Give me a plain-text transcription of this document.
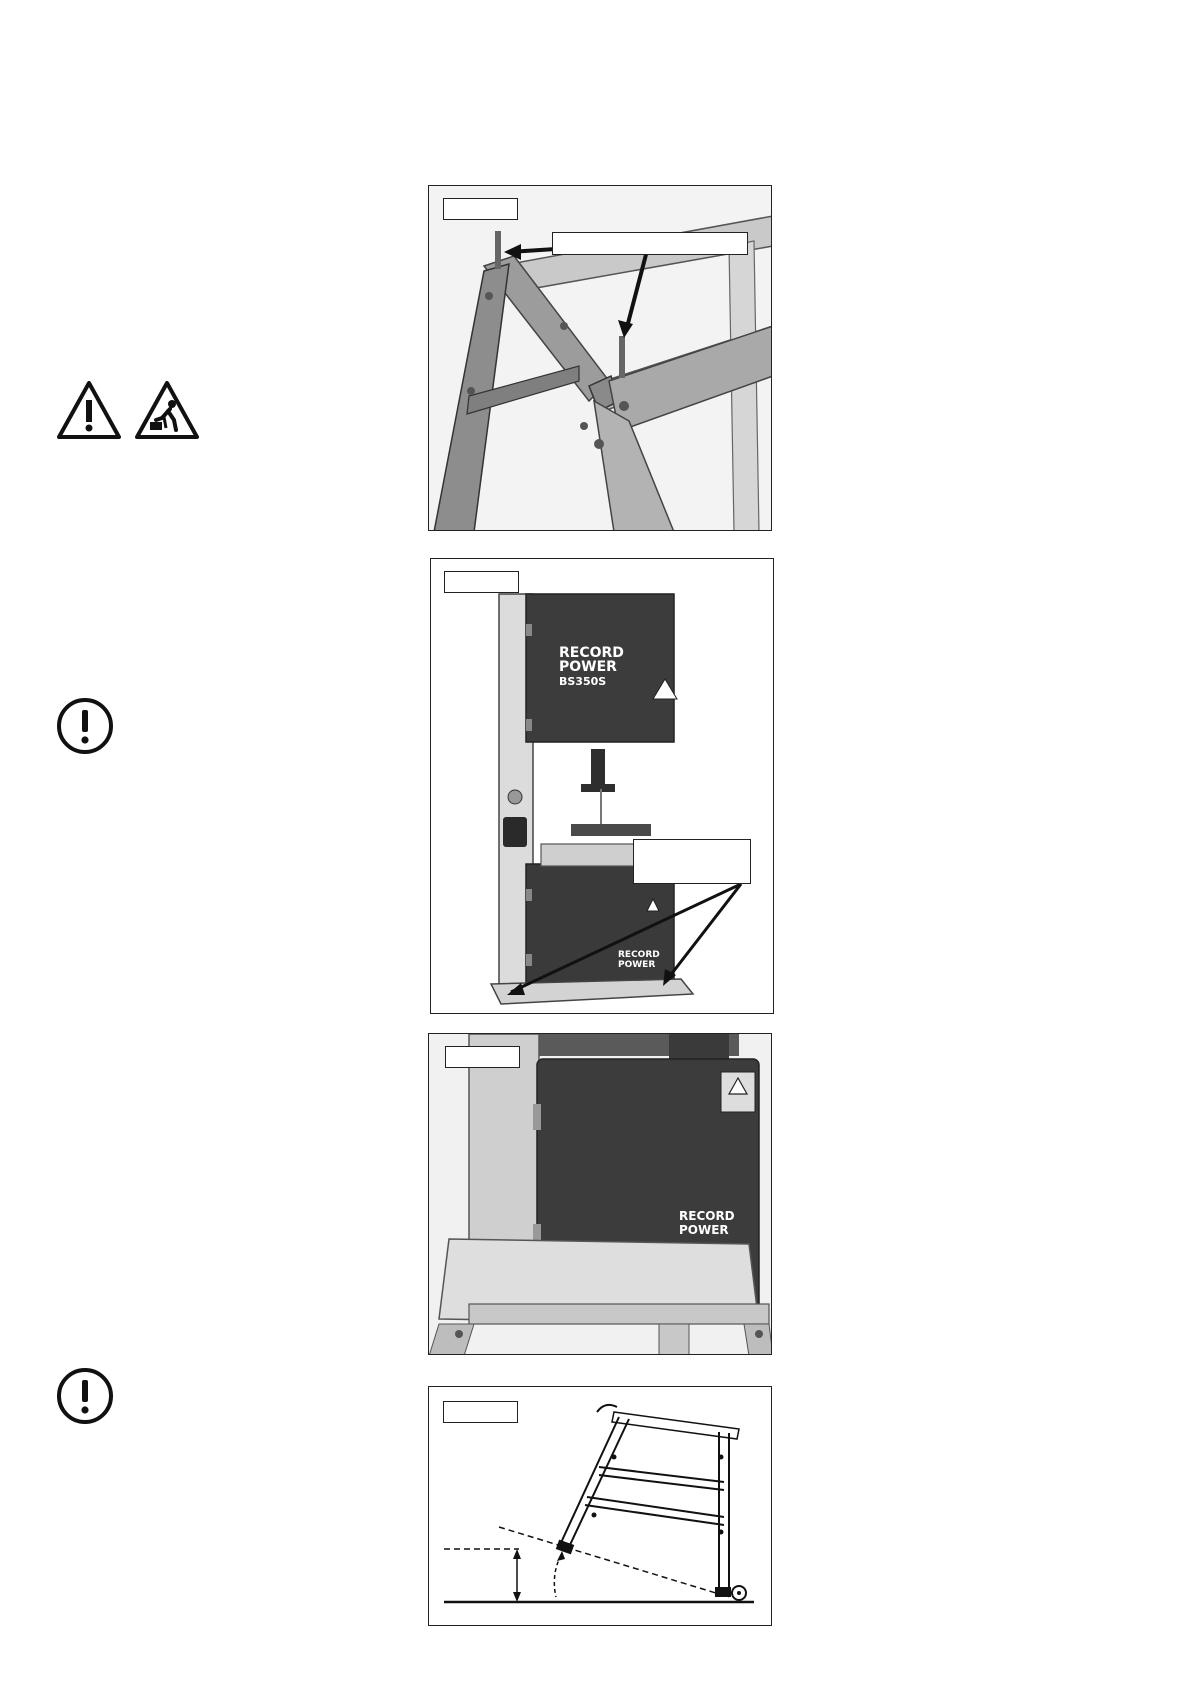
RECORD
POWER
BS350S
RECORD
POWER
RECORD
POWER
